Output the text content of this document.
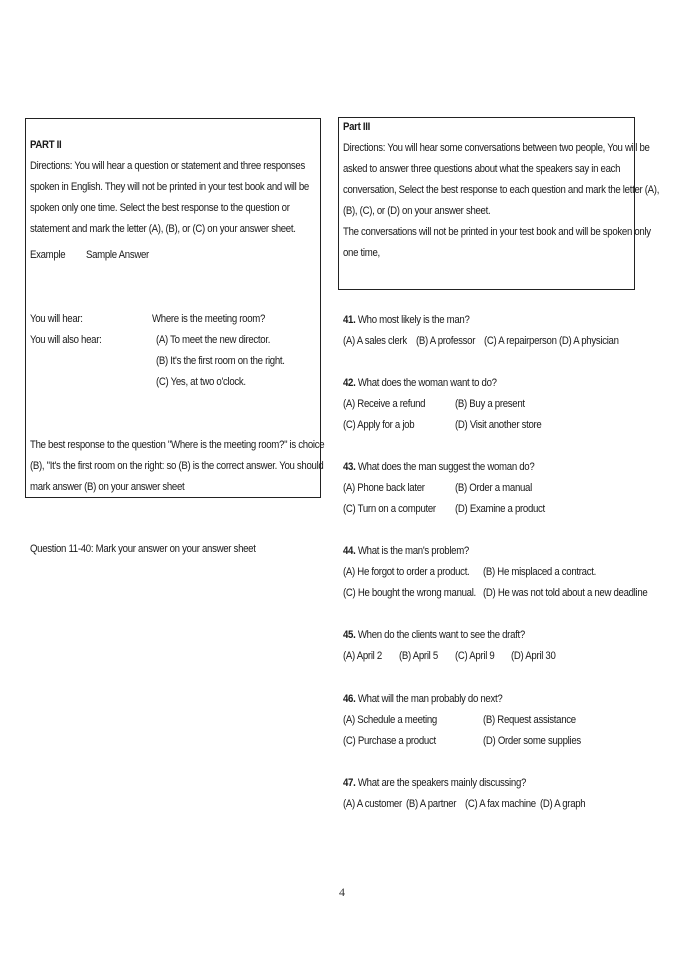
PART II
Directions: You will hear a question or statement and three responses
spoken in English. They will not be printed in your test book and will be
spoken only one time. Select the best response to the question or
statement and mark the letter (A), (B), or (C) on your answer sheet.
Example	Sample Answer
You will hear:	Where is the meeting room?
You will also hear:	(A) To meet the new director.
(B) It's the first room on the right.
(C) Yes, at two o'clock.
The best response to the question "Where is the meeting room?" is choice
(B), "It's the first room on the right: so (B) is the correct answer. You should
mark answer (B) on your answer sheet
Question 11-40: Mark your answer on your answer sheet
Part III
Directions: You will hear some conversations between two people, You will be
asked to answer three questions about what the speakers say in each
conversation, Select the best response to each question and mark the letter (A),
(B), (C), or (D) on your answer sheet.
The conversations will not be printed in your test book and will be spoken only
one time,
41. Who most likely is the man?
(A) A sales clerk (B) A professor (C) A repairperson (D) A physician
42. What does the woman want to do?
(A) Receive a refund	(B) Buy a present
(C) Apply for a job	(D) Visit another store
43. What does the man suggest the woman do?
(A) Phone back later	(B) Order a manual
(C) Turn on a computer	(D) Examine a product
44. What is the man's problem?
(A) He forgot to order a product.	(B) He misplaced a contract.
(C) He bought the wrong manual. (D) He was not told about a new deadline
45. When do the clients want to see the draft?
(A) April 2	(B) April 5	(C) April 9	(D) April 30
46. What will the man probably do next?
(A) Schedule a meeting	(B) Request assistance
(C) Purchase a product	(D) Order some supplies
47. What are the speakers mainly discussing?
(A) A customer (B) A partner (C) A fax machine (D) A graph
4
